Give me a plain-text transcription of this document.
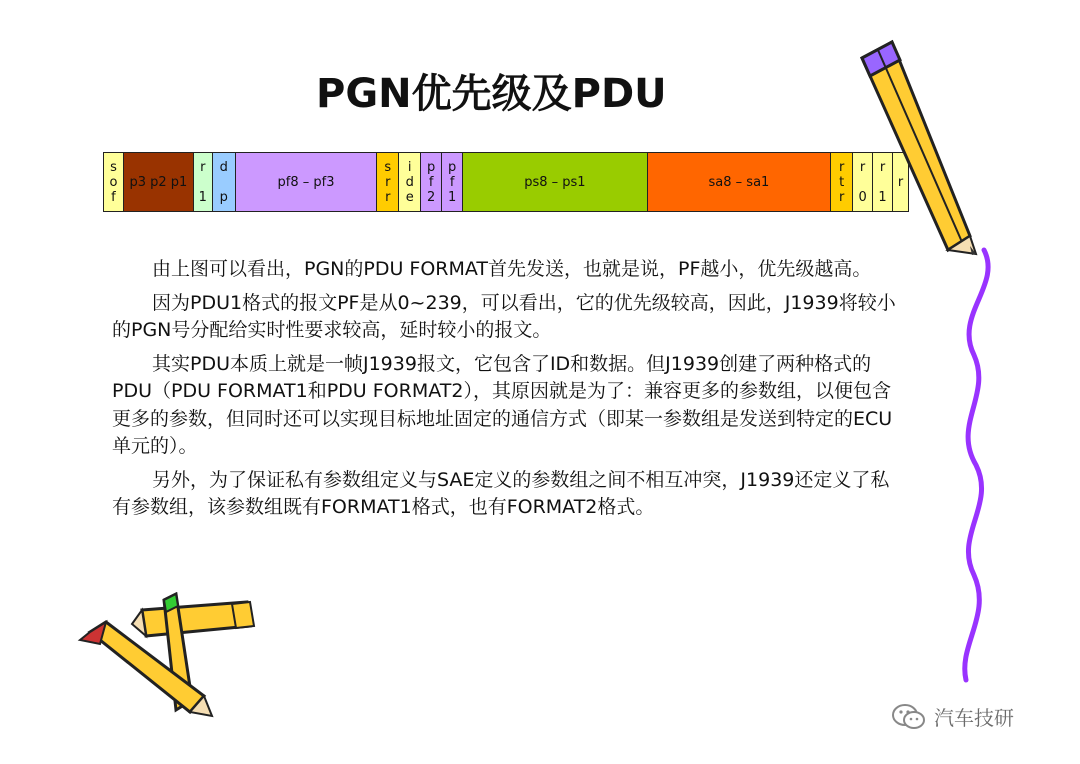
PGN优先级及PDU
s
o
f
p3 p2 p1
r

1
d

p
pf8 – pf3
s
r
r
i
d
e
p
f
2
p
f
1
ps8 – ps1	sa8 – sa1
r
t
r
r

0
r

1
r

由上图可以看出，PGN的PDU FORMAT首先发送，也就是说，PF越小，优先级越高。

因为PDU1格式的报文PF是从0~239，可以看出，它的优先级较高，因此，J1939将较小的PGN号分配给实时性要求较高，延时较小的报文。

其实PDU本质上就是一帧J1939报文，它包含了ID和数据。但J1939创建了两种格式的PDU（PDU FORMAT1和PDU FORMAT2），其原因就是为了：兼容更多的参数组，以便包含更多的参数，但同时还可以实现目标地址固定的通信方式（即某一参数组是发送到特定的ECU单元的）。

另外，为了保证私有参数组定义与SAE定义的参数组之间不相互冲突，J1939还定义了私有参数组，该参数组既有FORMAT1格式，也有FORMAT2格式。

汽车技研
